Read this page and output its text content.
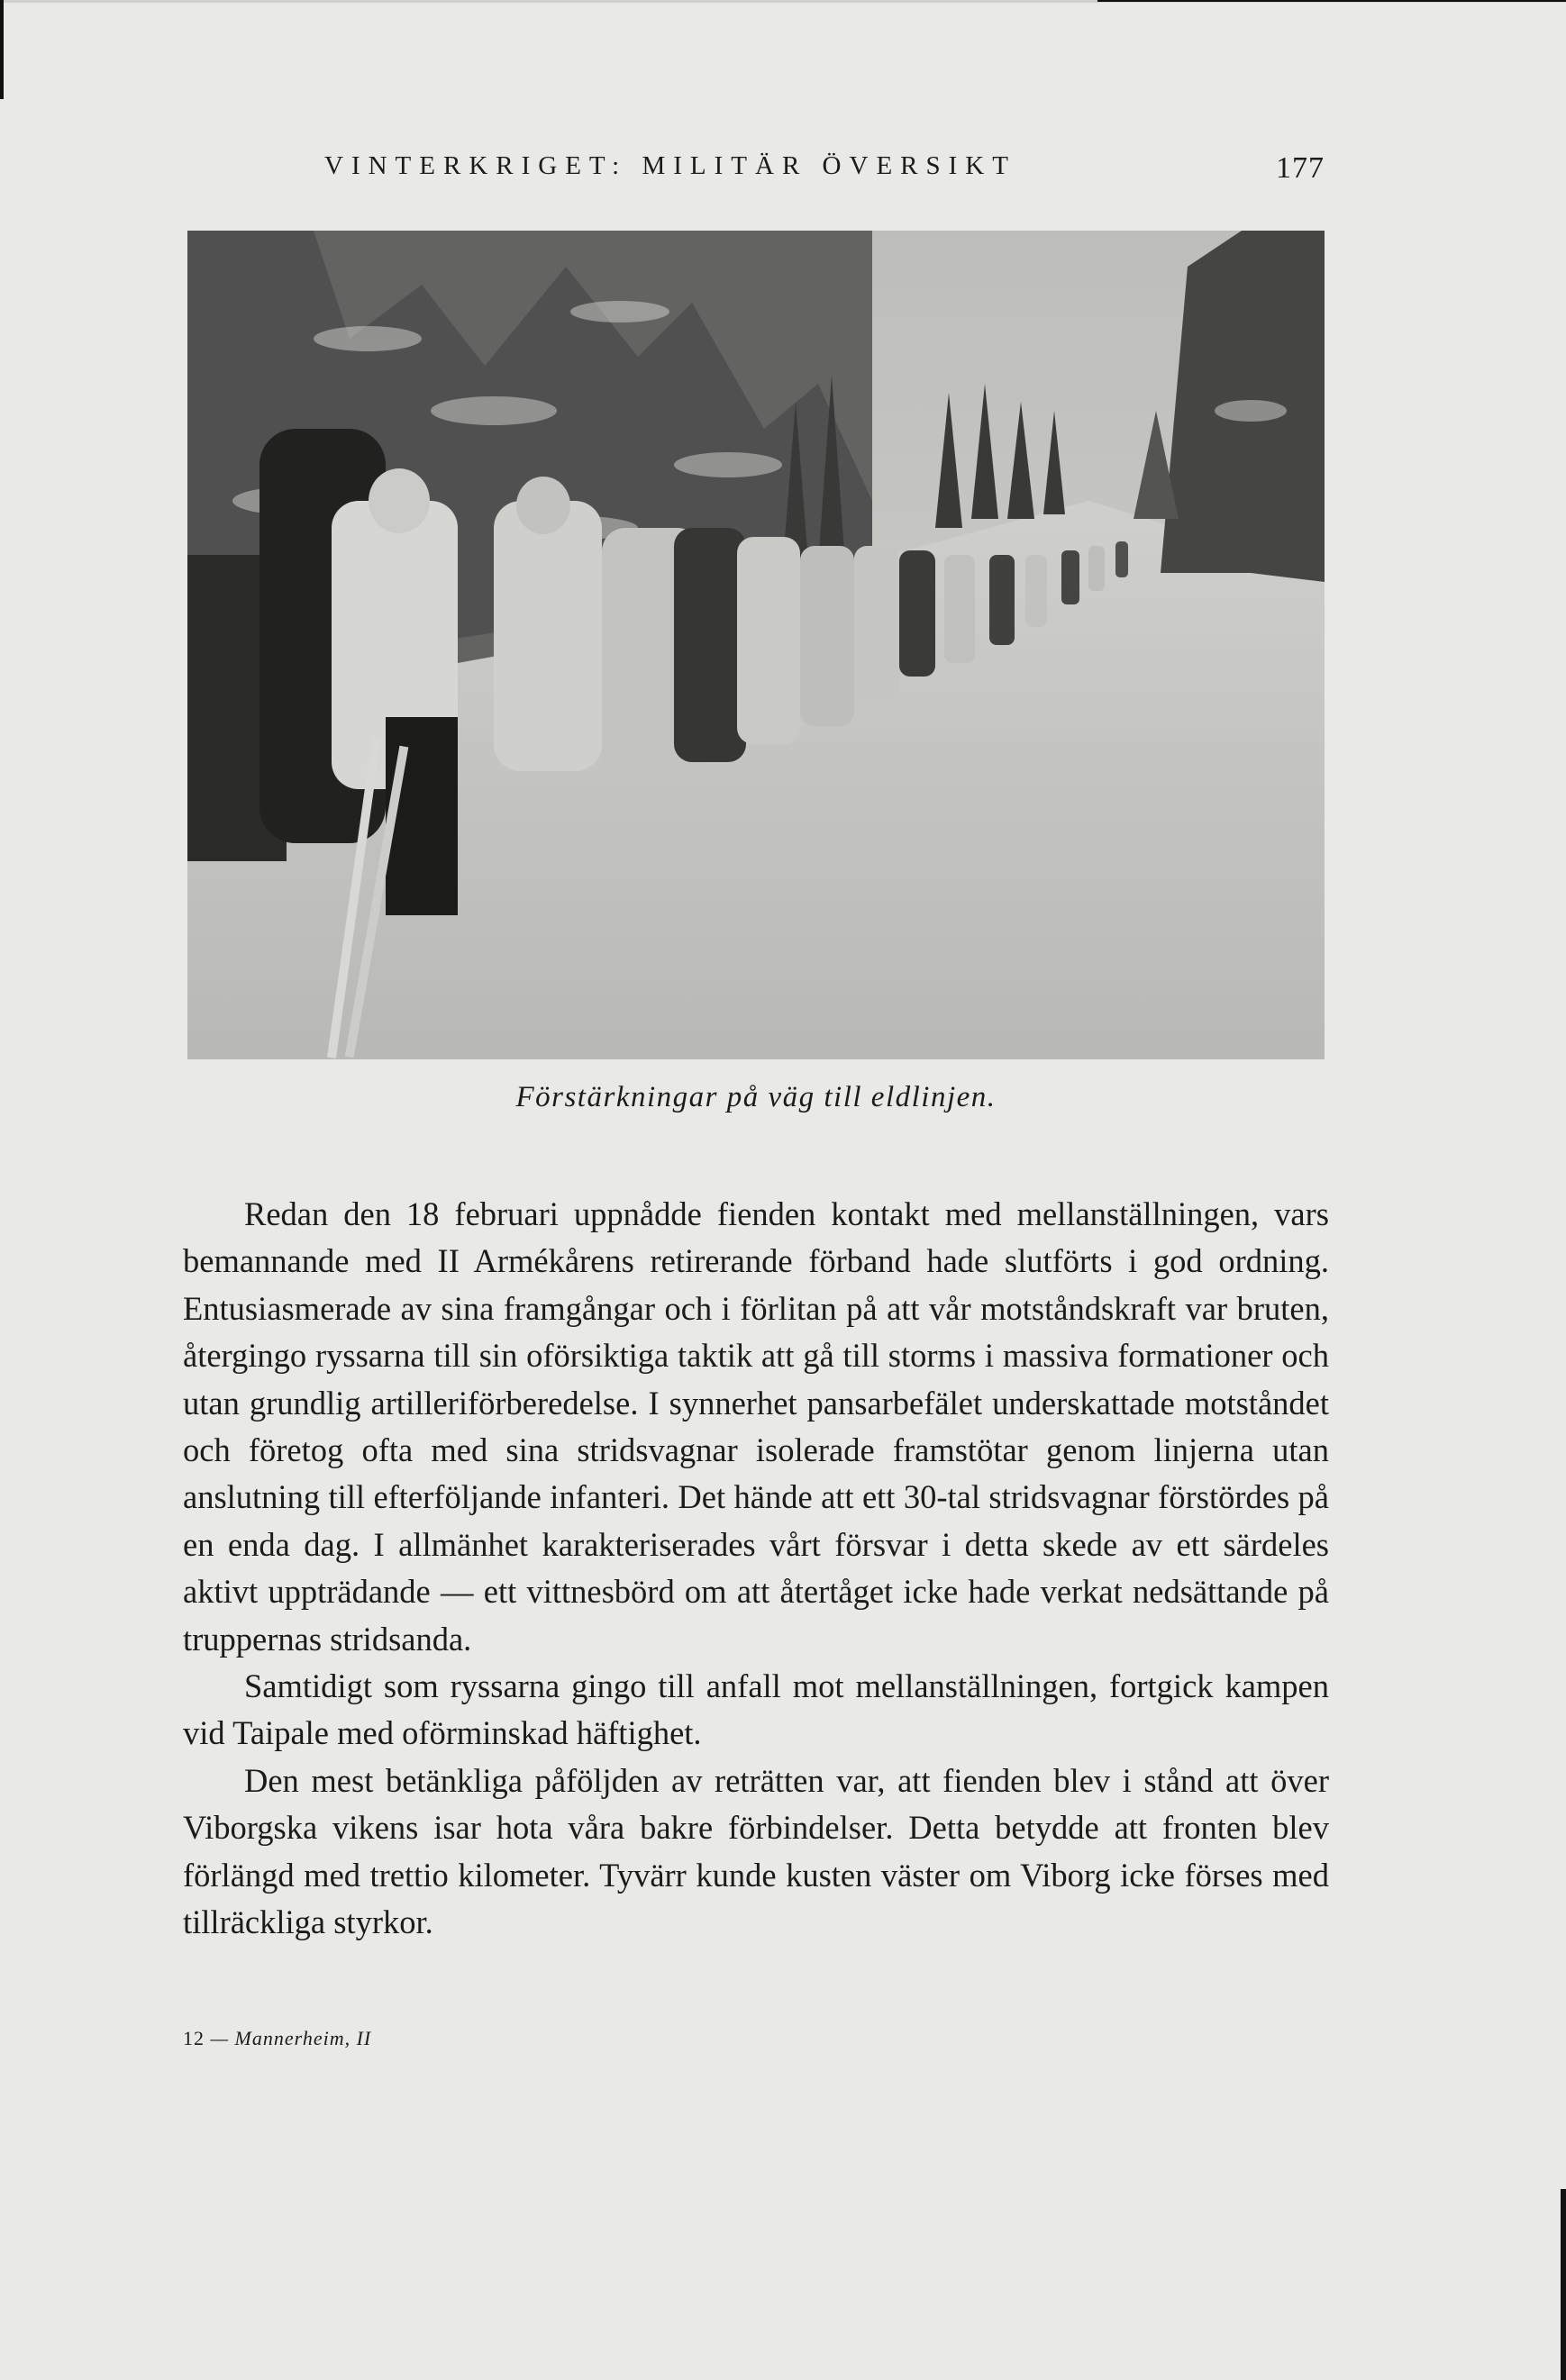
VINTERKRIGET: MILITÄR ÖVERSIKT	177
Förstärkningar på väg till eldlinjen.

Redan den 18 februari uppnådde fienden kontakt med mellanställningen, vars bemannande med II Armékårens retirerande förband hade slutförts i god ordning. Entusiasmerade av sina framgångar och i förlitan på att vår motståndskraft var bruten, återgingo ryssarna till sin oförsiktiga taktik att gå till storms i massiva formationer och utan grundlig artilleriförberedelse. I synnerhet pansarbefälet underskattade motståndet och företog ofta med sina stridsvagnar isolerade framstötar genom linjerna utan anslutning till efterföljande infanteri. Det hände att ett 30-tal stridsvagnar förstördes på en enda dag. I allmänhet karakteriserades vårt försvar i detta skede av ett särdeles aktivt uppträdande — ett vittnesbörd om att återtåget icke hade verkat nedsättande på truppernas stridsanda.

Samtidigt som ryssarna gingo till anfall mot mellanställningen, fortgick kampen vid Taipale med oförminskad häftighet.

Den mest betänkliga påföljden av reträtten var, att fienden blev i stånd att över Viborgska vikens isar hota våra bakre förbindelser. Detta betydde att fronten blev förlängd med trettio kilometer. Tyvärr kunde kusten väster om Viborg icke förses med tillräckliga styrkor.

12 — Mannerheim, II
